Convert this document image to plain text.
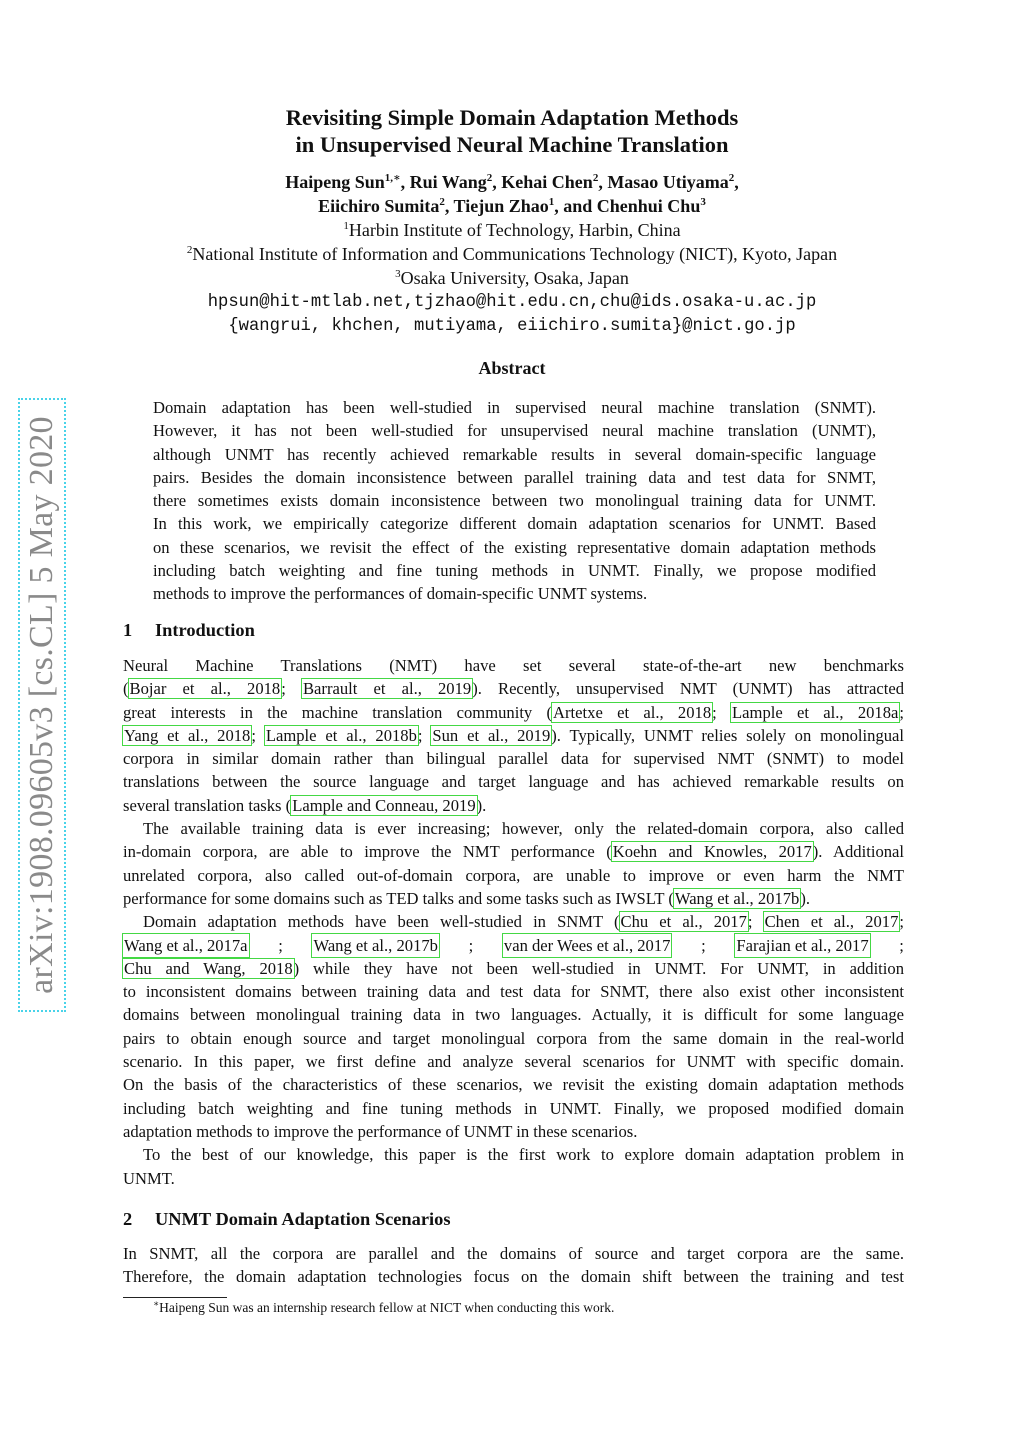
arXiv:1908.09605v3 [cs.CL] 5 May 2020
Revisiting Simple Domain Adaptation Methods
in Unsupervised Neural Machine Translation
Haipeng Sun$^{1,∗}$, Rui Wang$^2$, Kehai Chen$^2$, Masao Utiyama$^2$,
Eiichiro Sumita$^2$, Tiejun Zhao$^1$, and Chenhui Chu$^3$
$^1$Harbin Institute of Technology, Harbin, China
$^2$National Institute of Information and Communications Technology (NICT), Kyoto, Japan
$^3$Osaka University, Osaka, Japan
hpsun@hit-mtlab.net,tjzhao@hit.edu.cn,chu@ids.osaka-u.ac.jp
{wangrui, khchen, mutiyama, eiichiro.sumita}@nict.go.jp
Abstract
Domain adaptation has been well-studied in supervised neural machine translation (SNMT).
However, it has not been well-studied for unsupervised neural machine translation (UNMT),
although UNMT has recently achieved remarkable results in several domain-specific language
pairs. Besides the domain inconsistence between parallel training data and test data for SNMT,
there sometimes exists domain inconsistence between two monolingual training data for UNMT.
In this work, we empirically categorize different domain adaptation scenarios for UNMT. Based
on these scenarios, we revisit the effect of the existing representative domain adaptation methods
including batch weighting and fine tuning methods in UNMT. Finally, we propose modified
methods to improve the performances of domain-specific UNMT systems.
1 Introduction
Neural Machine Translations (NMT) have set several state-of-the-art new benchmarks
(Bojar et al., 2018; Barrault et al., 2019). Recently, unsupervised NMT (UNMT) has attracted
great interests in the machine translation community (Artetxe et al., 2018; Lample et al., 2018a;
Yang et al., 2018; Lample et al., 2018b; Sun et al., 2019). Typically, UNMT relies solely on monolingual
corpora in similar domain rather than bilingual parallel data for supervised NMT (SNMT) to model
translations between the source language and target language and has achieved remarkable results on
several translation tasks (Lample and Conneau, 2019).
The available training data is ever increasing; however, only the related-domain corpora, also called
in-domain corpora, are able to improve the NMT performance (Koehn and Knowles, 2017). Additional
unrelated corpora, also called out-of-domain corpora, are unable to improve or even harm the NMT
performance for some domains such as TED talks and some tasks such as IWSLT (Wang et al., 2017b).
Domain adaptation methods have been well-studied in SNMT (Chu et al., 2017; Chen et al., 2017;
Wang et al., 2017a ; Wang et al., 2017b ; van der Wees et al., 2017 ; Farajian et al., 2017 ;
Chu and Wang, 2018) while they have not been well-studied in UNMT. For UNMT, in addition
to inconsistent domains between training data and test data for SNMT, there also exist other inconsistent
domains between monolingual training data in two languages. Actually, it is difficult for some language
pairs to obtain enough source and target monolingual corpora from the same domain in the real-world
scenario. In this paper, we first define and analyze several scenarios for UNMT with specific domain.
On the basis of the characteristics of these scenarios, we revisit the existing domain adaptation methods
including batch weighting and fine tuning methods in UNMT. Finally, we proposed modified domain
adaptation methods to improve the performance of UNMT in these scenarios.
To the best of our knowledge, this paper is the first work to explore domain adaptation problem in
UNMT.
2 UNMT Domain Adaptation Scenarios
In SNMT, all the corpora are parallel and the domains of source and target corpora are the same.
Therefore, the domain adaptation technologies focus on the domain shift between the training and test
∗Haipeng Sun was an internship research fellow at NICT when conducting this work.
